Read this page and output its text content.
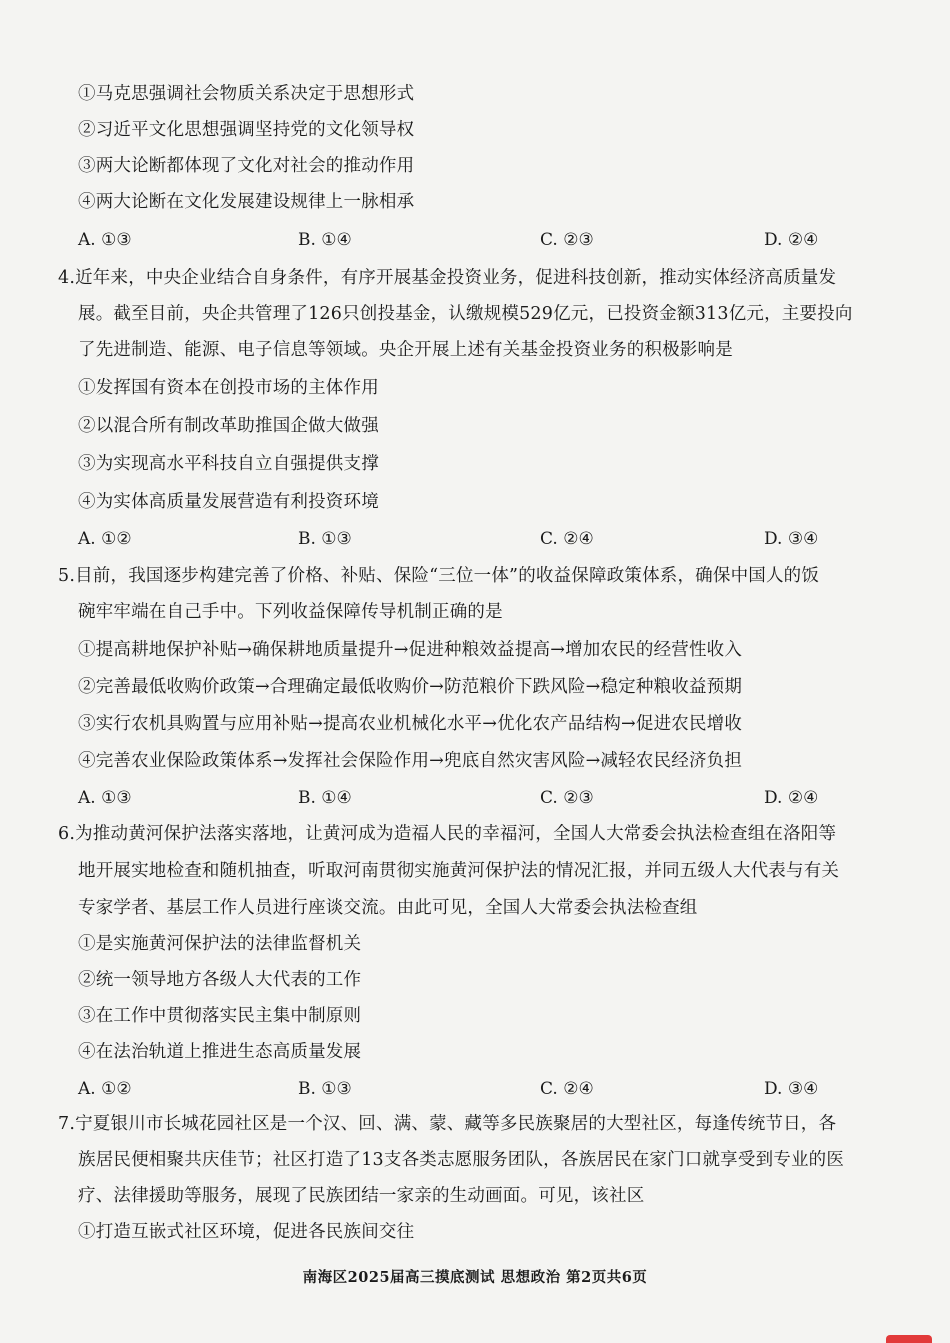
①马克思强调社会物质关系决定于思想形式
②习近平文化思想强调坚持党的文化领导权
③两大论断都体现了文化对社会的推动作用
④两大论断在文化发展建设规律上一脉相承
A. ①③	B. ①④	C. ②③	D. ②④
4.近年来，中央企业结合自身条件，有序开展基金投资业务，促进科技创新，推动实体经济高质量发
展。截至目前，央企共管理了126只创投基金，认缴规模529亿元，已投资金额313亿元，主要投向
了先进制造、能源、电子信息等领域。央企开展上述有关基金投资业务的积极影响是
①发挥国有资本在创投市场的主体作用
②以混合所有制改革助推国企做大做强
③为实现高水平科技自立自强提供支撑
④为实体高质量发展营造有利投资环境
A. ①②	B. ①③	C. ②④	D. ③④
5.目前，我国逐步构建完善了价格、补贴、保险“三位一体”的收益保障政策体系，确保中国人的饭
碗牢牢端在自己手中。下列收益保障传导机制正确的是
①提高耕地保护补贴→确保耕地质量提升→促进种粮效益提高→增加农民的经营性收入
②完善最低收购价政策→合理确定最低收购价→防范粮价下跌风险→稳定种粮收益预期
③实行农机具购置与应用补贴→提高农业机械化水平→优化农产品结构→促进农民增收
④完善农业保险政策体系→发挥社会保险作用→兜底自然灾害风险→减轻农民经济负担
A. ①③	B. ①④	C. ②③	D. ②④
6.为推动黄河保护法落实落地，让黄河成为造福人民的幸福河，全国人大常委会执法检查组在洛阳等
地开展实地检查和随机抽查，听取河南贯彻实施黄河保护法的情况汇报，并同五级人大代表与有关
专家学者、基层工作人员进行座谈交流。由此可见，全国人大常委会执法检查组
①是实施黄河保护法的法律监督机关
②统一领导地方各级人大代表的工作
③在工作中贯彻落实民主集中制原则
④在法治轨道上推进生态高质量发展
A. ①②	B. ①③	C. ②④	D. ③④
7.宁夏银川市长城花园社区是一个汉、回、满、蒙、藏等多民族聚居的大型社区，每逢传统节日，各
族居民便相聚共庆佳节；社区打造了13支各类志愿服务团队，各族居民在家门口就享受到专业的医
疗、法律援助等服务，展现了民族团结一家亲的生动画面。可见，该社区
①打造互嵌式社区环境，促进各民族间交往
南海区2025届高三摸底测试 思想政治 第2页共6页
